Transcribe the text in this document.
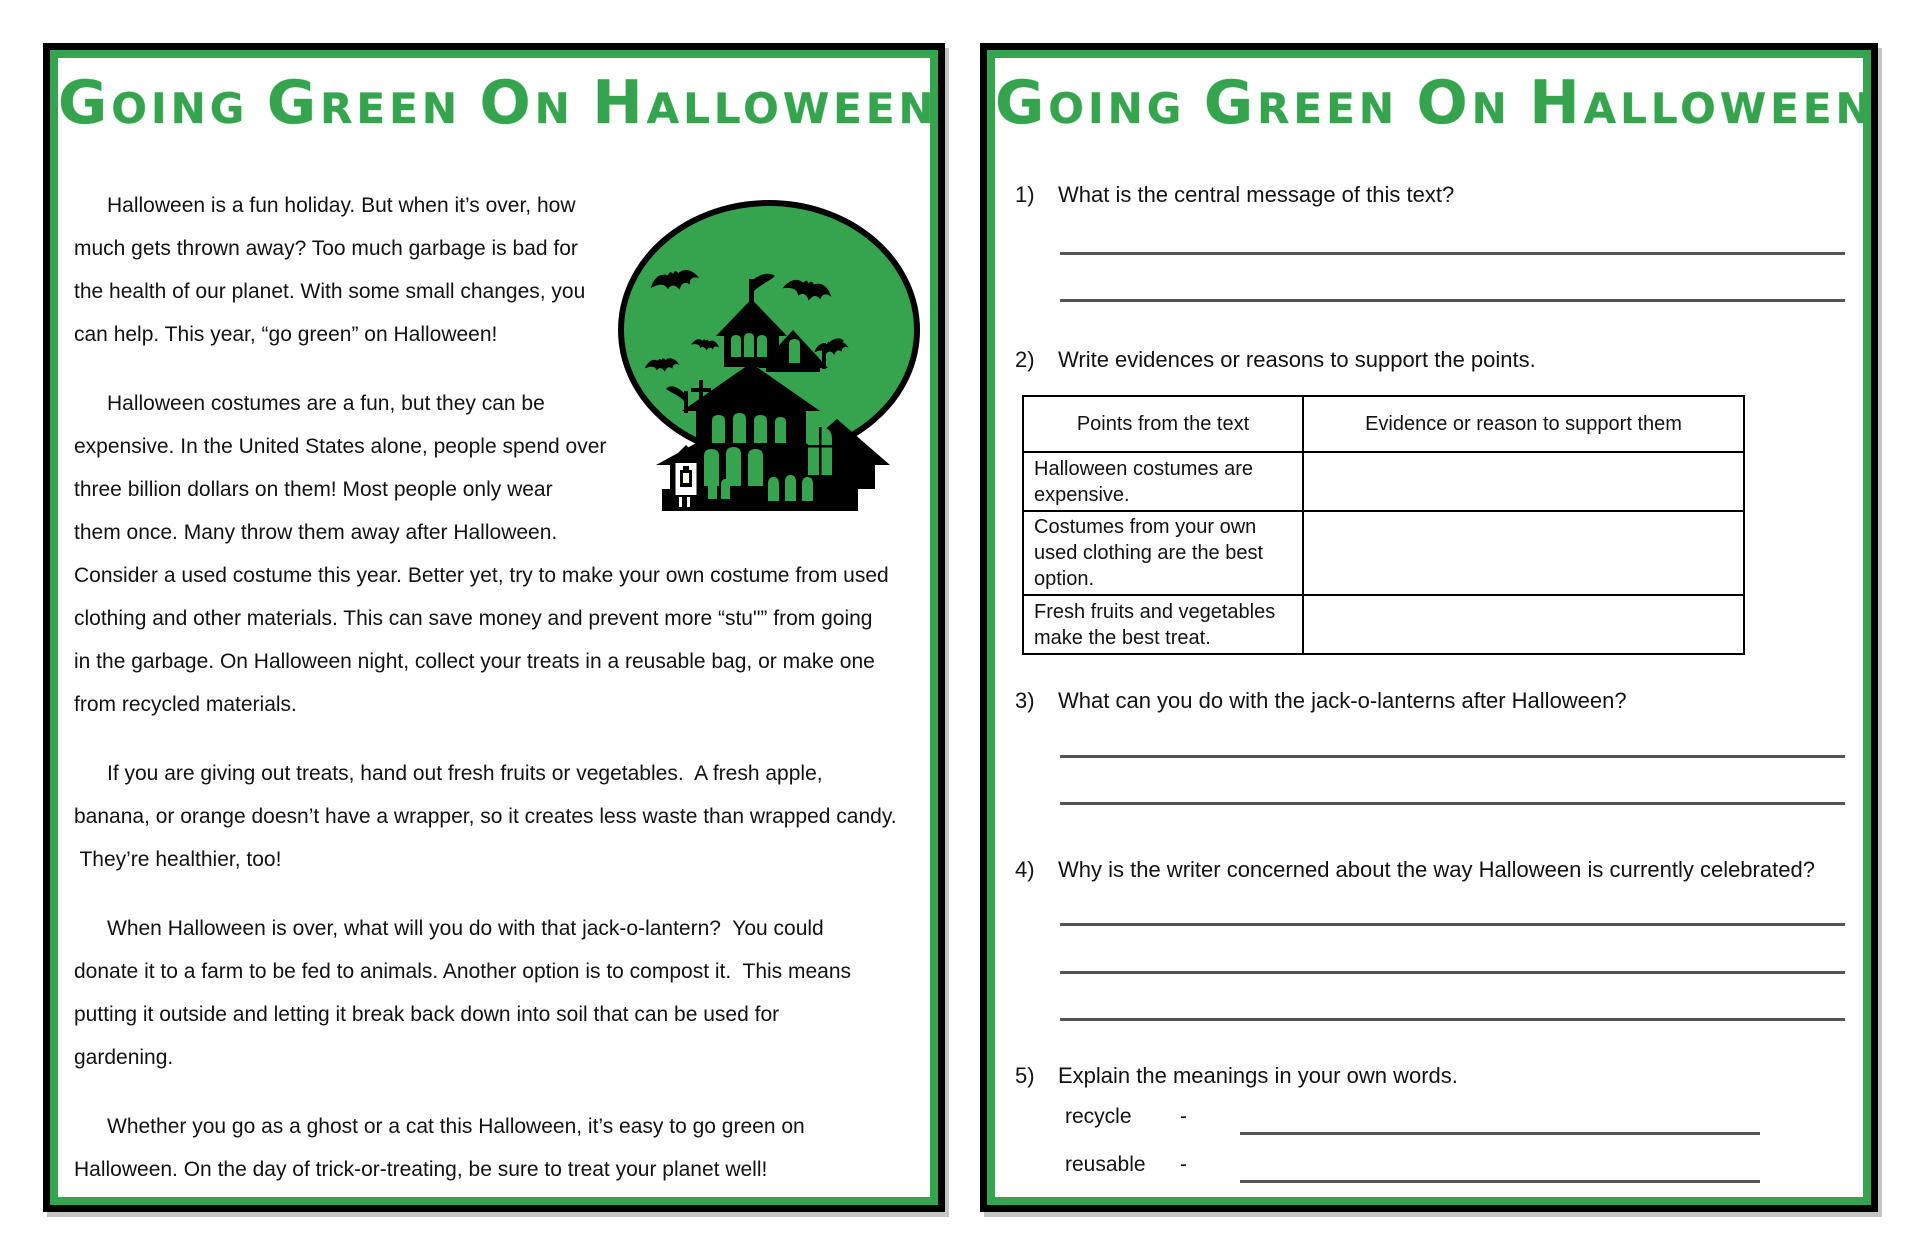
GOING GREEN ON HALLOWEEN
Halloween is a fun holiday. But when it’s over, how
much gets thrown away? Too much garbage is bad for
the health of our planet. With some small changes, you
can help. This year, “go green” on Halloween!
Halloween costumes are a fun, but they can be
expensive. In the United States alone, people spend over
three billion dollars on them! Most people only wear
them once. Many throw them away after Halloween.
Consider a used costume this year. Better yet, try to make your own costume from used
clothing and other materials. This can save money and prevent more “stu"” from going
in the garbage. On Halloween night, collect your treats in a reusable bag, or make one
from recycled materials.
If you are giving out treats, hand out fresh fruits or vegetables.  A fresh apple,
banana, or orange doesn’t have a wrapper, so it creates less waste than wrapped candy.
They’re healthier, too!
When Halloween is over, what will you do with that jack-o-lantern?  You could
donate it to a farm to be fed to animals. Another option is to compost it.  This means
putting it outside and letting it break back down into soil that can be used for
gardening.
Whether you go as a ghost or a cat this Halloween, it’s easy to go green on
Halloween. On the day of trick-or-treating, be sure to treat your planet well!
GOING GREEN ON HALLOWEEN
1) What is the central message of this text?
2) Write evidences or reasons to support the points.
Points from the text	Evidence or reason to support them
Halloween costumes are expensive.	
Costumes from your own used clothing are the best option.	
Fresh fruits and vegetables make the best treat.	
3) What can you do with the jack-o-lanterns after Halloween?
4) Why is the writer concerned about the way Halloween is currently celebrated?
5) Explain the meanings in your own words.
recycle -
reusable -
